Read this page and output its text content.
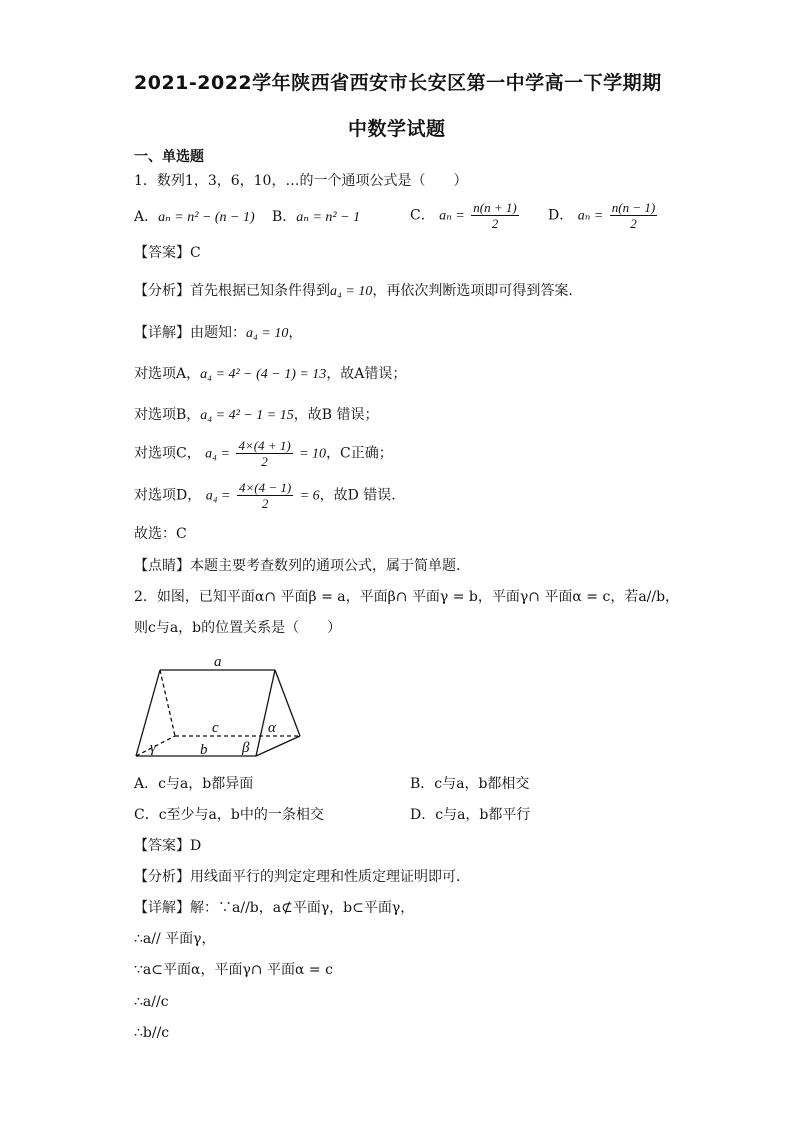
2021-2022学年陕西省西安市长安区第一中学高一下学期期
中数学试题
一、单选题
1．数列1，3，6，10，…的一个通项公式是（　　）
A．aₙ = n² − (n − 1) B．aₙ = n² − 1	C． $a_n = \frac{n(n + 1)}{2}$ D． $a_n = \frac{n(n - 1)}{2}$
【答案】C
【分析】首先根据已知条件得到a₄ = 10，再依次判断选项即可得到答案.
【详解】由题知：a₄ = 10，
对选项A，a₄ = 4² − (4 − 1) = 13，故A错误；
对选项B，a₄ = 4² − 1 = 15，故B 错误；
对选项C， $a_4 = \frac{4\times(4 + 1)}{2} = 10$，C正确；
对选项D， $a_4 = \frac{4\times(4 - 1)}{2} = 6$，故D 错误.
故选：C
【点睛】本题主要考查数列的通项公式，属于简单题.
2．如图，已知平面α∩ 平面β = a，平面β∩ 平面γ = b，平面γ∩ 平面α = c，若a//b，
则c与a，b的位置关系是（　　）
a
c
b
α
β
γ
A．c与a，b都异面	B．c与a，b都相交
C．c至少与a，b中的一条相交	D．c与a，b都平行
【答案】D
【分析】用线面平行的判定定理和性质定理证明即可．
【详解】解：∵a//b，a⊄平面γ，b⊂平面γ，
∴a// 平面γ，
∵a⊂平面α，平面γ∩ 平面α = c
∴a//c
∴b//c
